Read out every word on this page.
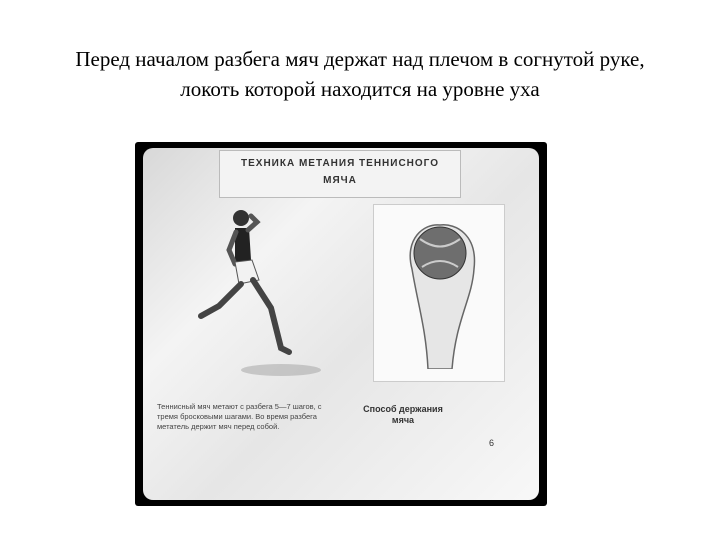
Перед началом разбега мяч держат над плечом в согнутой руке,
локоть которой находится на уровне уха
ТЕХНИКА МЕТАНИЯ ТЕННИСНОГО
МЯЧА
Теннисный мяч метают с разбега 5—7 шагов, с тремя бросковыми шагами. Во время разбега метатель держит мяч перед собой.
Способ держания
мяча
6
